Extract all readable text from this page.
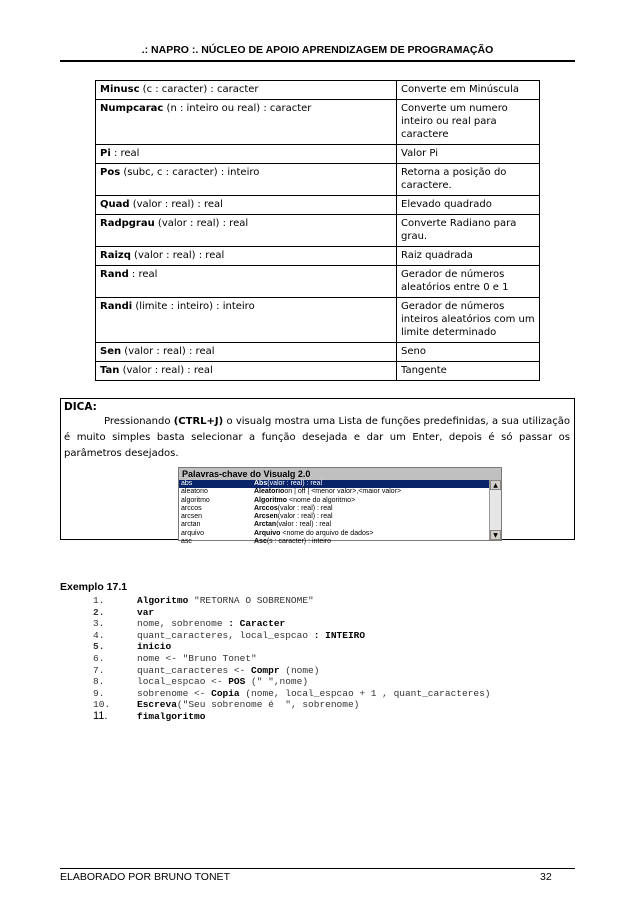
.: NAPRO :. NÚCLEO DE APOIO APRENDIZAGEM DE PROGRAMAÇÃO
Minusc (c : caracter) : caracter	Converte em Minúscula
Numpcarac (n : inteiro ou real) : caracter	Converte um numero inteiro ou real para caractere
Pi : real	Valor Pi
Pos (subc, c : caracter) : inteiro	Retorna a posição do caractere.
Quad (valor : real) : real	Elevado quadrado
Radpgrau (valor : real) : real	Converte Radiano para grau.
Raizq (valor : real) : real	Raiz quadrada
Rand : real	Gerador de números aleatórios entre 0 e 1
Randi (limite : inteiro) : inteiro	Gerador de números inteiros aleatórios com um limite determinado
Sen (valor : real) : real	Seno
Tan (valor : real) : real	Tangente
DICA:
Pressionando (CTRL+J) o visualg mostra uma Lista de funções predefinidas, a sua utilização é muito simples basta selecionar a função desejada e dar um Enter, depois é só passar os parâmetros desejados.
Palavras-chave do Visualg 2.0
abs	Abs(valor : real) : real
aleatorio	Aleatorioon | off | <menor valor>,<maior valor>
algoritmo	Algoritmo <nome do algoritmo>
arccos	Arccos(valor : real) : real
arcsen	Arcsen(valor : real) : real
arctan	Arctan(valor : real) : real
arquivo	Arquivo <nome do arquivo de dados>
asc	Asc(s : caracter) : inteiro
▲
▼
Exemplo 17.1
1.	Algoritmo "RETORNA O SOBRENOME"
2.	var
3.	nome, sobrenome : Caracter
4.	quant_caracteres, local_espcao : INTEIRO
5.	inicio
6.	nome <- "Bruno Tonet"
7.	quant_caracteres <- Compr (nome)
8.	local_espcao <- POS (" ",nome)
9.	sobrenome <- Copia (nome, local_espcao + 1 , quant_caracteres)
10.	Escreva("Seu sobrenome é  ", sobrenome)
11.	fimalgoritmo
ELABORADO POR BRUNO TONET	32
